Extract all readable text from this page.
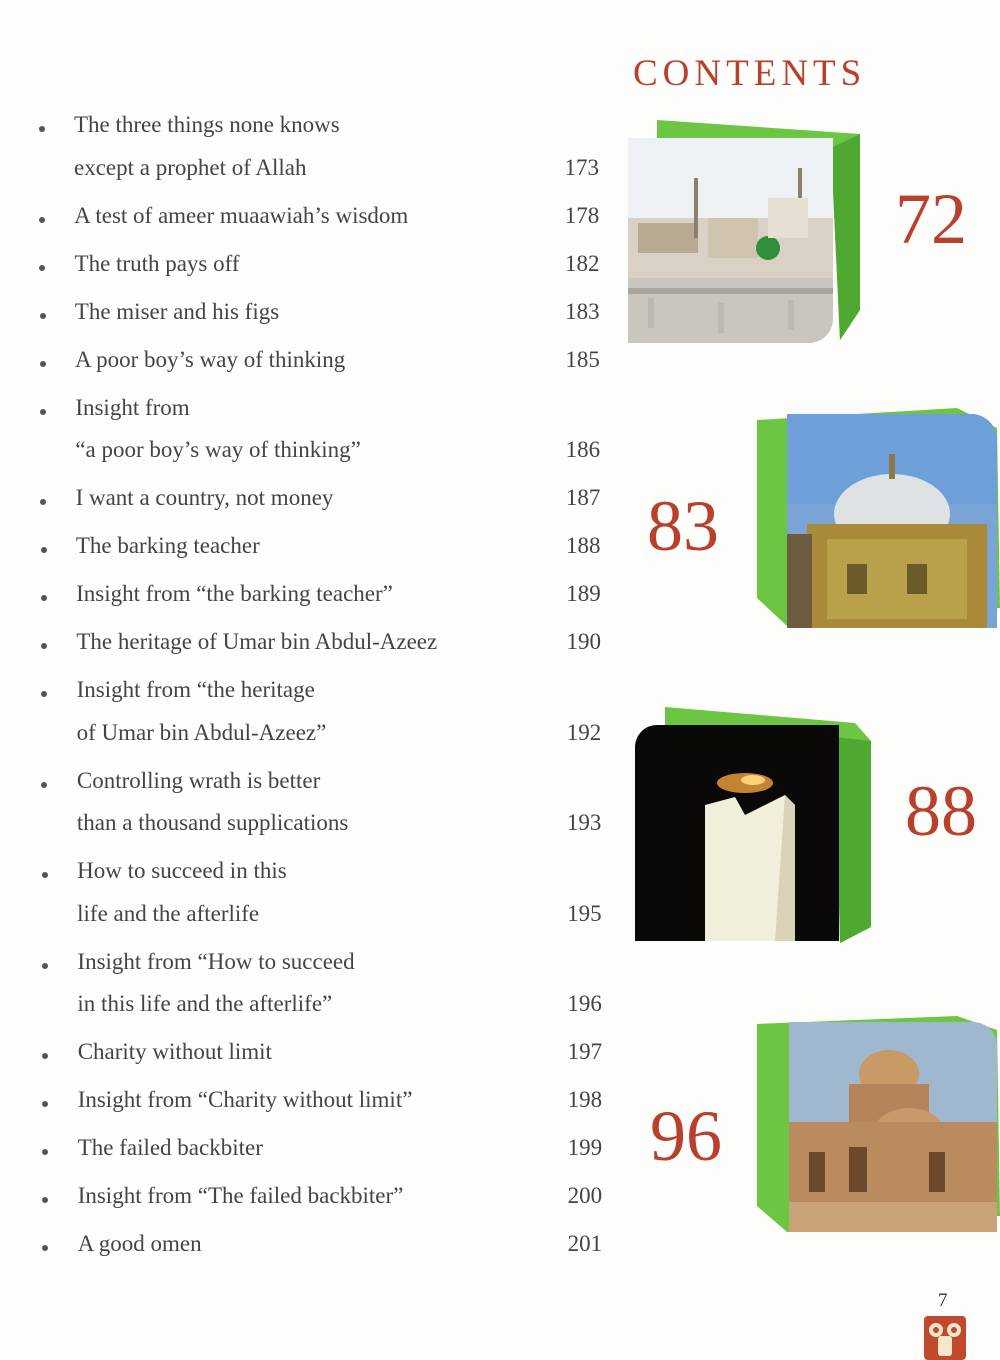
CONTENTS
The three things none knows
except a prophet of Allah	173
A test of ameer muaawiah’s wisdom	178
The truth pays off	182
The miser and his figs	183
A poor boy’s way of thinking	185
Insight from
“a poor boy’s way of thinking”	186
I want a country, not money	187
The barking teacher	188
Insight from “the barking teacher”	189
The heritage of Umar bin Abdul-Azeez	190
Insight from “the heritage
of Umar bin Abdul-Azeez”	192
Controlling wrath is better
than a thousand supplications	193
How to succeed in this
life and the afterlife	195
Insight from “How to succeed
in this life and the afterlife”	196
Charity without limit	197
Insight from “Charity without limit”	198
The failed backbiter	199
Insight from “The failed backbiter”	200
A good omen	201
72
83
88
96
7
